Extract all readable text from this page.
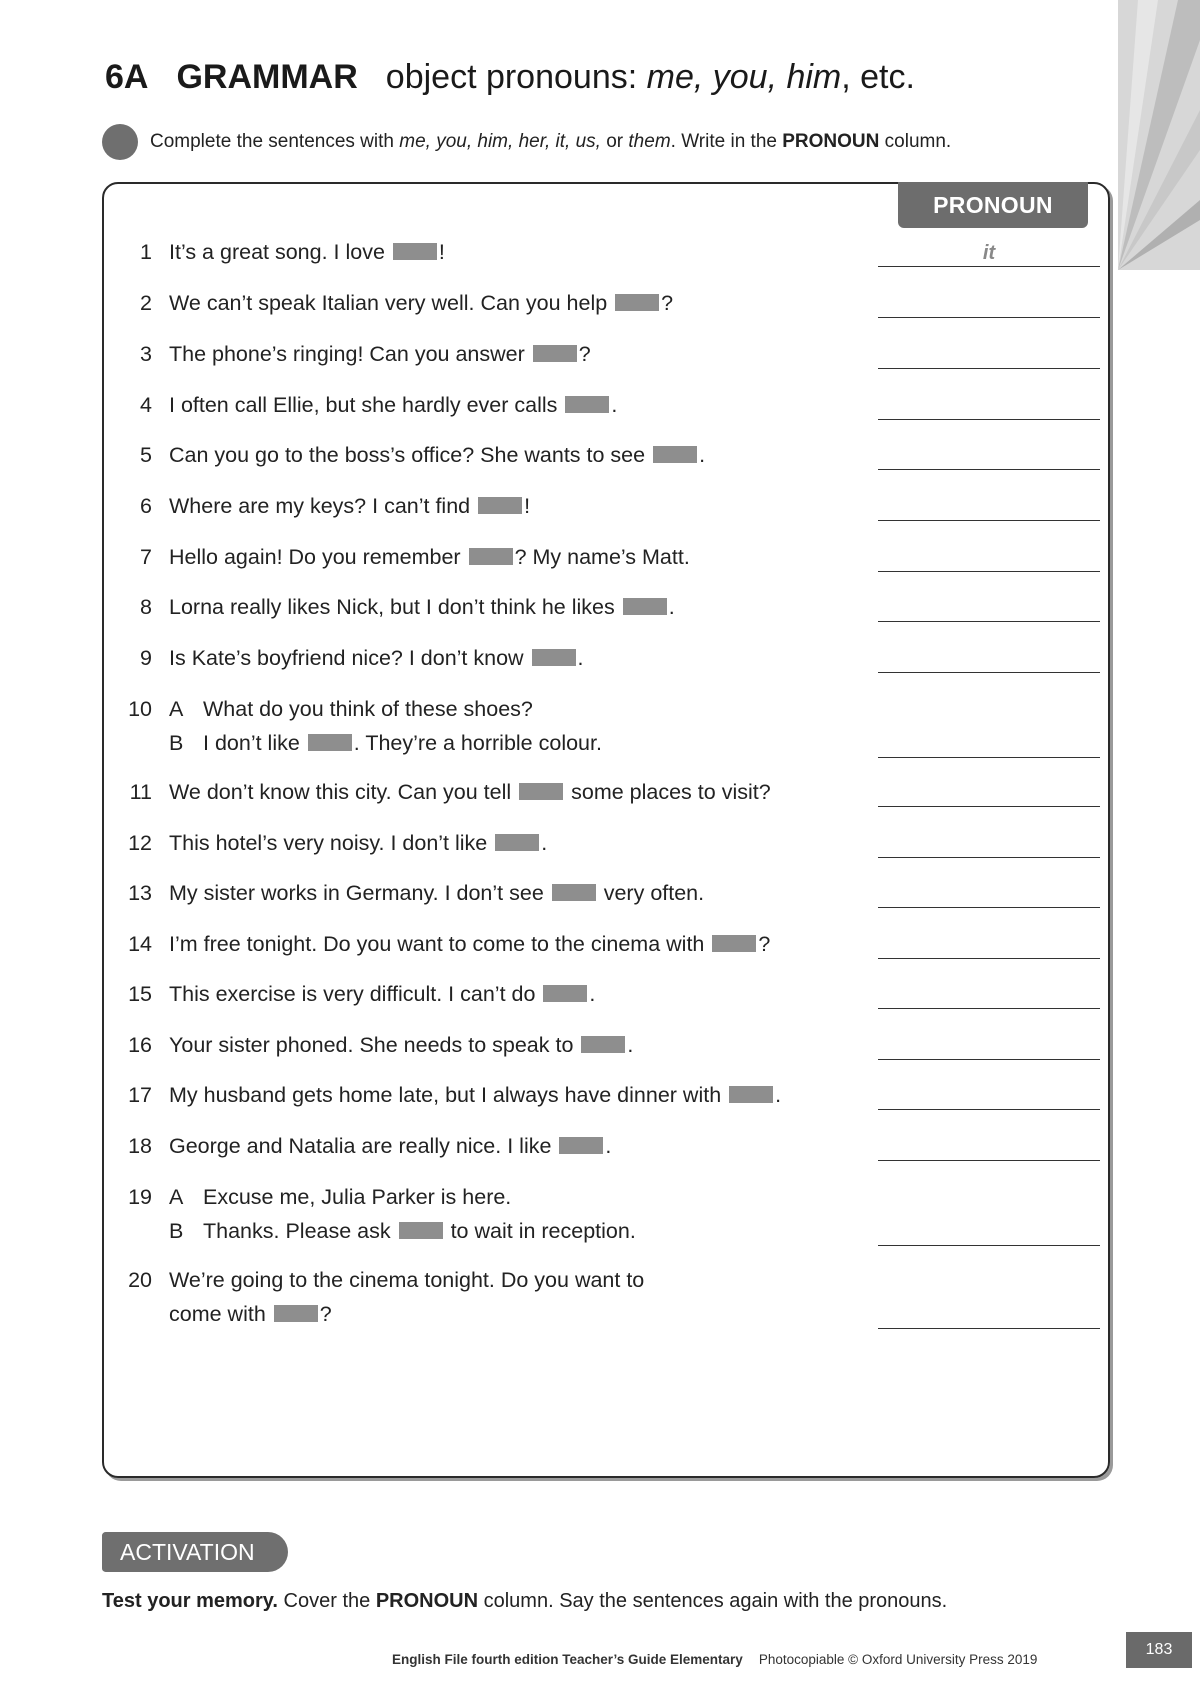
6A GRAMMAR object pronouns: me, you, him, etc.
Complete the sentences with me, you, him, her, it, us, or them. Write in the PRONOUN column.
PRONOUN
1 It’s a great song. I love !	it
2 We can’t speak Italian very well. Can you help ?
3 The phone’s ringing! Can you answer ?
4 I often call Ellie, but she hardly ever calls .
5 Can you go to the boss’s office? She wants to see .
6 Where are my keys? I can’t find !
7 Hello again! Do you remember ? My name’s Matt.
8 Lorna really likes Nick, but I don’t think he likes .
9 Is Kate’s boyfriend nice? I don’t know .
10 A What do you think of these shoes?
B I don’t like . They’re a horrible colour.
11 We don’t know this city. Can you tell  some places to visit?
12 This hotel’s very noisy. I don’t like .
13 My sister works in Germany. I don’t see  very often.
14 I’m free tonight. Do you want to come to the cinema with ?
15 This exercise is very difficult. I can’t do .
16 Your sister phoned. She needs to speak to .
17 My husband gets home late, but I always have dinner with .
18 George and Natalia are really nice. I like .
19 A Excuse me, Julia Parker is here.
B Thanks. Please ask  to wait in reception.
20 We’re going to the cinema tonight. Do you want to
come with ?
ACTIVATION
Test your memory. Cover the PRONOUN column. Say the sentences again with the pronouns.
English File fourth edition Teacher’s Guide Elementary Photocopiable © Oxford University Press 2019
183
